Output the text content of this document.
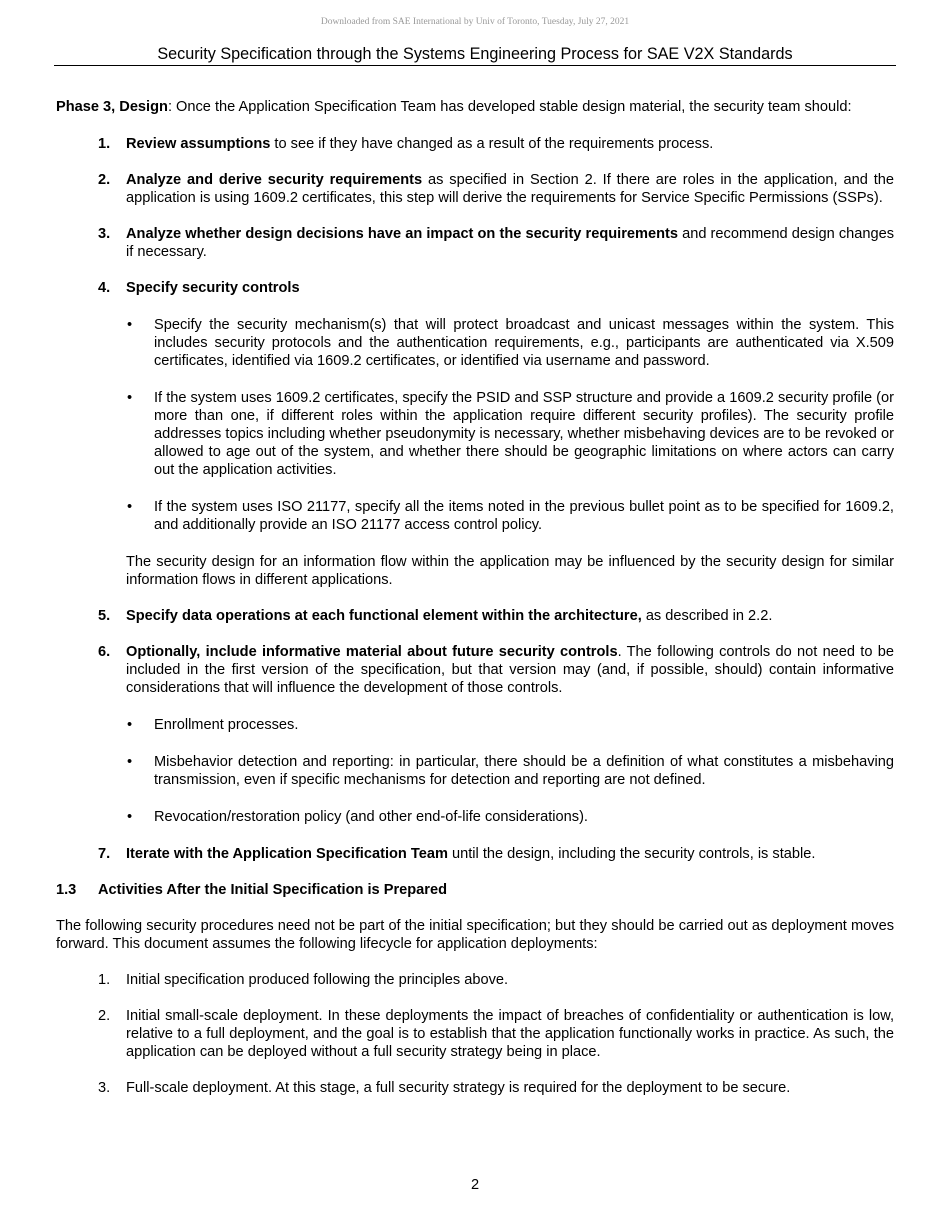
Downloaded from SAE International by Univ of Toronto, Tuesday, July 27, 2021
Security Specification through the Systems Engineering Process for SAE V2X Standards

Phase 3, Design: Once the Application Specification Team has developed stable design material, the security team should:

1.	Review assumptions to see if they have changed as a result of the requirements process.

2.	Analyze and derive security requirements as specified in Section 2. If there are roles in the application, and the application is using 1609.2 certificates, this step will derive the requirements for Service Specific Permissions (SSPs).

3.	Analyze whether design decisions have an impact on the security requirements and recommend design changes if necessary.

4.	Specify security controls

•	Specify the security mechanism(s) that will protect broadcast and unicast messages within the system. This includes security protocols and the authentication requirements, e.g., participants are authenticated via X.509 certificates, identified via 1609.2 certificates, or identified via username and password.
•	If the system uses 1609.2 certificates, specify the PSID and SSP structure and provide a 1609.2 security profile (or more than one, if different roles within the application require different security profiles). The security profile addresses topics including whether pseudonymity is necessary, whether misbehaving devices are to be revoked or allowed to age out of the system, and whether there should be geographic limitations on where actors can carry out the application activities.
•	If the system uses ISO 21177, specify all the items noted in the previous bullet point as to be specified for 1609.2, and additionally provide an ISO 21177 access control policy.

The security design for an information flow within the application may be influenced by the security design for similar information flows in different applications.

5.	Specify data operations at each functional element within the architecture, as described in 2.2.

6.	Optionally, include informative material about future security controls. The following controls do not need to be included in the first version of the specification, but that version may (and, if possible, should) contain informative considerations that will influence the development of those controls.

•	Enrollment processes.
•	Misbehavior detection and reporting: in particular, there should be a definition of what constitutes a misbehaving transmission, even if specific mechanisms for detection and reporting are not defined.
•	Revocation/restoration policy (and other end-of-life considerations).
7.	Iterate with the Application Specification Team until the design, including the security controls, is stable.

1.3	Activities After the Initial Specification is Prepared

The following security procedures need not be part of the initial specification; but they should be carried out as deployment moves forward. This document assumes the following lifecycle for application deployments:

1.	Initial specification produced following the principles above.

2.	Initial small-scale deployment. In these deployments the impact of breaches of confidentiality or authentication is low, relative to a full deployment, and the goal is to establish that the application functionally works in practice. As such, the application can be deployed without a full security strategy being in place.

3.	Full-scale deployment. At this stage, a full security strategy is required for the deployment to be secure.

2
